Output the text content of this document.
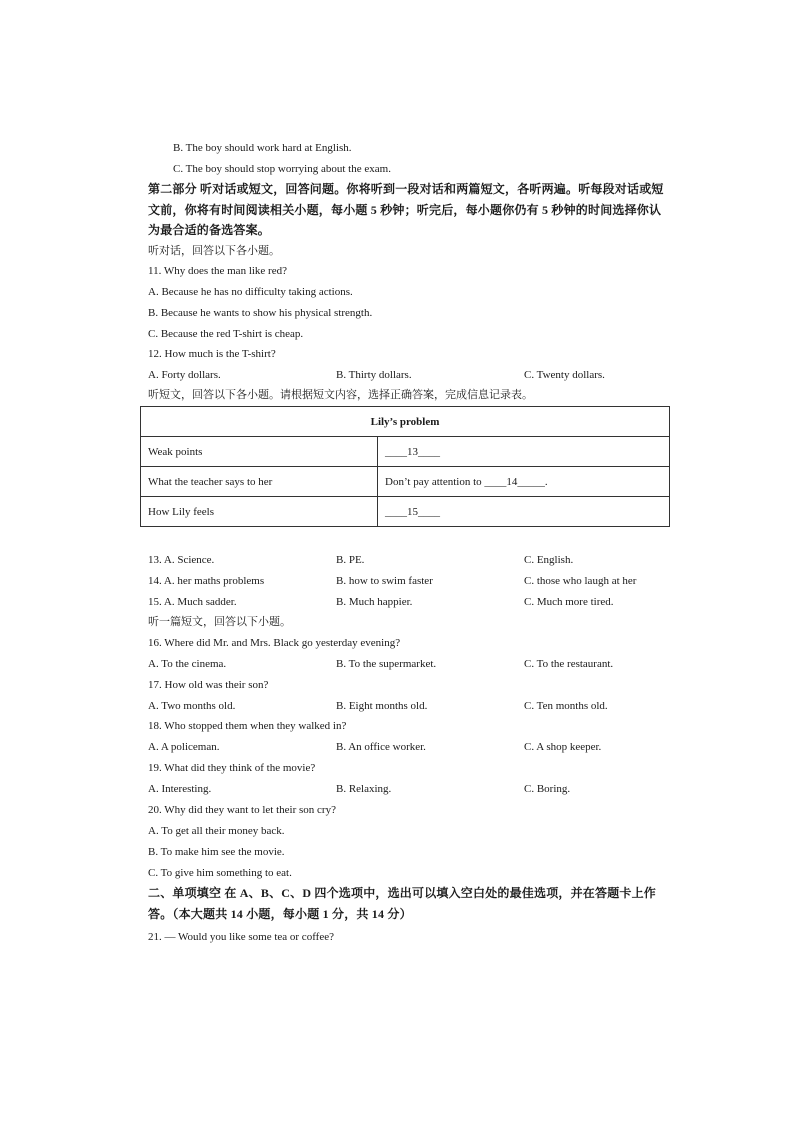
B. The boy should work hard at English.
C. The boy should stop worrying about the exam.
第二部分 听对话或短文，回答问题。你将听到一段对话和两篇短文，各听两遍。听每段对话或短
文前，你将有时间阅读相关小题，每小题 5 秒钟；听完后，每小题你仍有 5 秒钟的时间选择你认
为最合适的备选答案。
听对话，回答以下各小题。
11. Why does the man like red?
A. Because he has no difficulty taking actions.
B. Because he wants to show his physical strength.
C. Because the red T-shirt is cheap.
12. How much is the T-shirt?
A. Forty dollars.	B. Thirty dollars.	C. Twenty dollars.
听短文，回答以下各小题。请根据短文内容，选择正确答案，完成信息记录表。
Lily’s problem	
Weak points	____13____
What the teacher says to her	Don’t pay attention to ____14_____.
How Lily feels	____15____
13. A. Science.	B. PE.	C. English.
14. A. her maths problems	B. how to swim faster	C. those who laugh at her
15. A. Much sadder.	B. Much happier.	C. Much more tired.
听一篇短文，回答以下小题。
16. Where did Mr. and Mrs. Black go yesterday evening?
A. To the cinema.	B. To the supermarket.	C. To the restaurant.
17. How old was their son?
A. Two months old.	B. Eight months old.	C. Ten months old.
18. Who stopped them when they walked in?
A. A policeman.	B. An office worker.	C. A shop keeper.
19. What did they think of the movie?
A. Interesting.	B. Relaxing.	C. Boring.
20. Why did they want to let their son cry?
A. To get all their money back.
B. To make him see the movie.
C. To give him something to eat.
二、单项填空 在 A、B、C、D 四个选项中，选出可以填入空白处的最佳选项，并在答题卡上作
答。（本大题共 14 小题，每小题 1 分，共 14 分）
21. — Would you like some tea or coffee?
